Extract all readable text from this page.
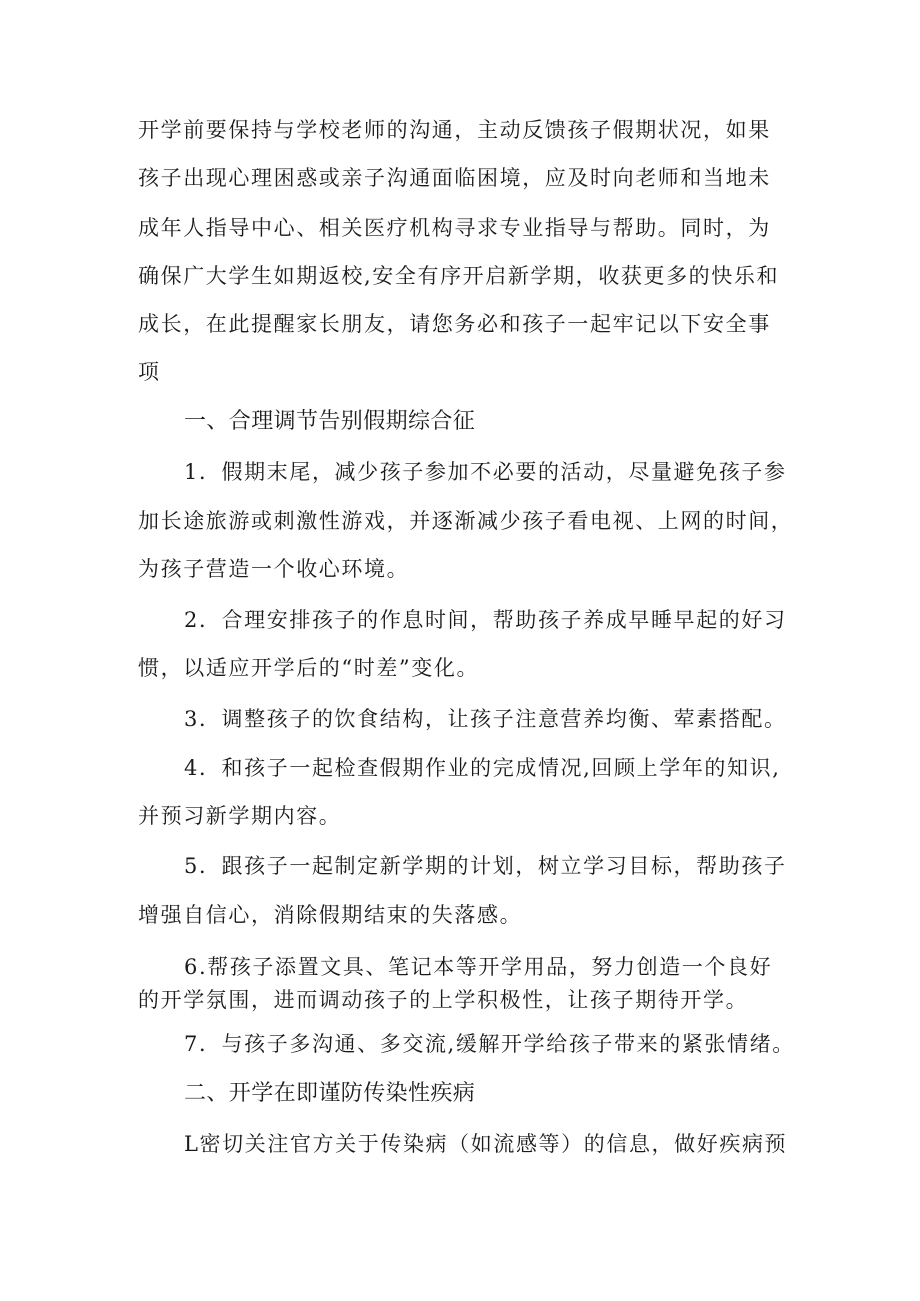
开学前要保持与学校老师的沟通，主动反馈孩子假期状况，如果
孩子出现心理困惑或亲子沟通面临困境，应及时向老师和当地未
成年人指导中心、相关医疗机构寻求专业指导与帮助。同时，为
确保广大学生如期返校,安全有序开启新学期，收获更多的快乐和
成长，在此提醒家长朋友，请您务必和孩子一起牢记以下安全事
项
一、合理调节告别假期综合征
1．假期末尾，减少孩子参加不必要的活动，尽量避免孩子参
加长途旅游或刺激性游戏，并逐渐减少孩子看电视、上网的时间，
为孩子营造一个收心环境。
2．合理安排孩子的作息时间，帮助孩子养成早睡早起的好习
惯，以适应开学后的“时差”变化。
3．调整孩子的饮食结构，让孩子注意营养均衡、荤素搭配。
4．和孩子一起检查假期作业的完成情况,回顾上学年的知识,
并预习新学期内容。
5．跟孩子一起制定新学期的计划，树立学习目标，帮助孩子
增强自信心，消除假期结束的失落感。
6.帮孩子添置文具、笔记本等开学用品，努力创造一个良好
的开学氛围，进而调动孩子的上学积极性，让孩子期待开学。
7．与孩子多沟通、多交流,缓解开学给孩子带来的紧张情绪。
二、开学在即谨防传染性疾病
L密切关注官方关于传染病（如流感等）的信息，做好疾病预
